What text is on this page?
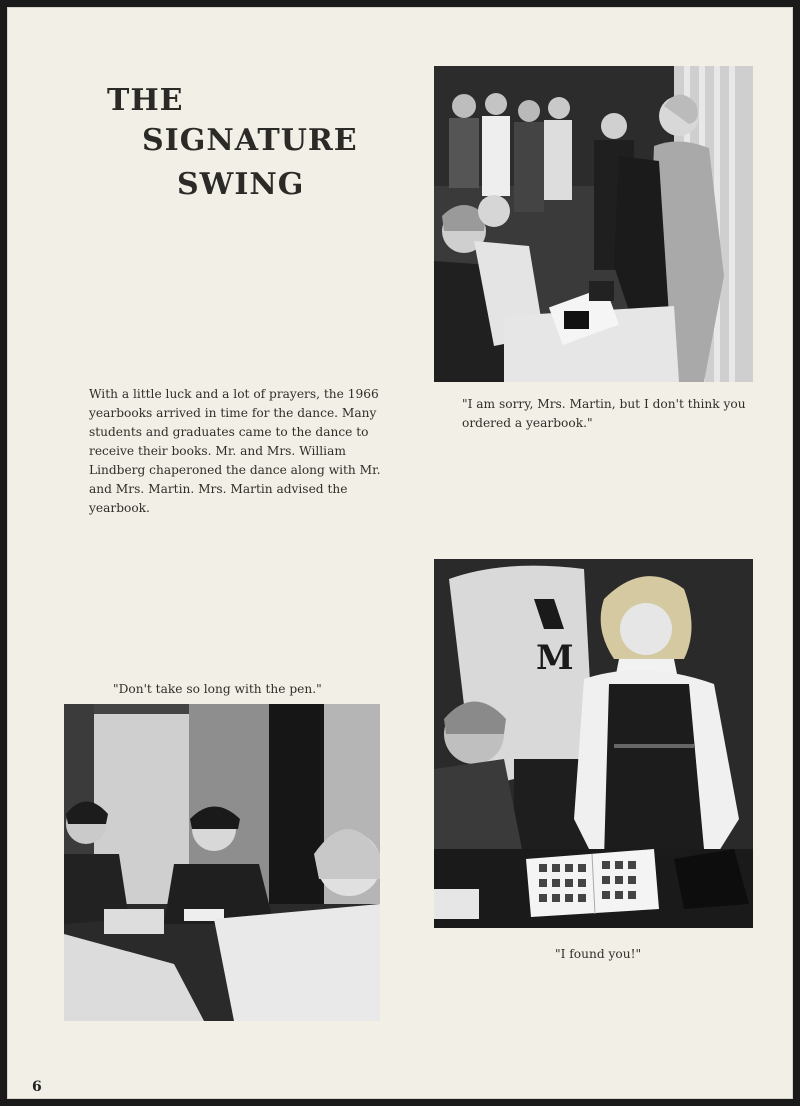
THE
SIGNATURE
SWING
With a little luck and a lot of prayers, the 1966 yearbooks arrived in time for the dance. Many students and graduates came to the dance to receive their books. Mr. and Mrs. William Lindberg chaperoned the dance along with Mr. and Mrs. Martin. Mrs. Martin advised the yearbook.
"I am sorry, Mrs. Martin, but I don't think you ordered a yearbook."
"Don't take so long with the pen."
M
"I found you!"
6
